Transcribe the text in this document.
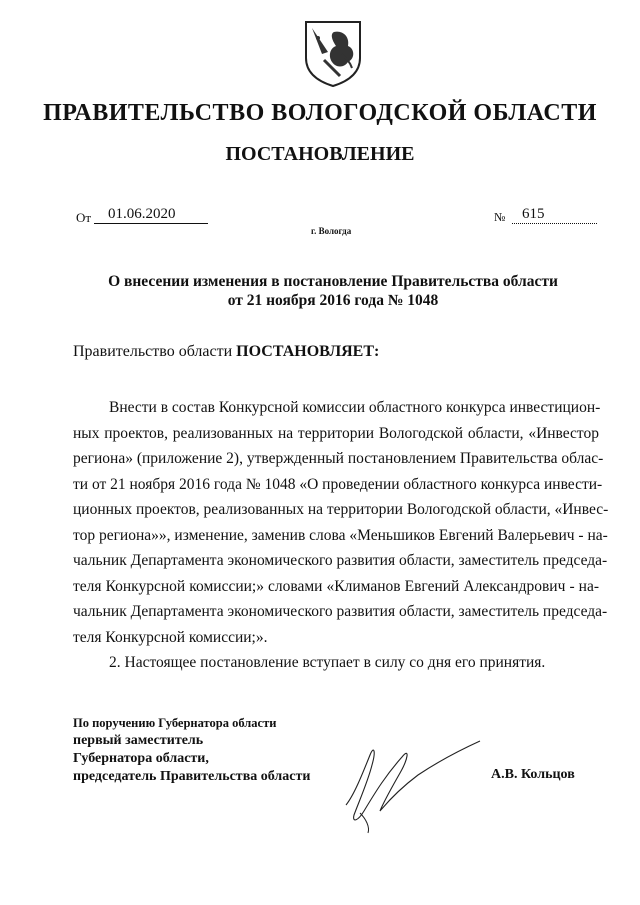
ПРАВИТЕЛЬСТВО ВОЛОГОДСКОЙ ОБЛАСТИ
ПОСТАНОВЛЕНИЕ
От	01.06.2020
г. Вологда
№	615
О внесении изменения в постановление Правительства области
от 21 ноября 2016 года № 1048
Правительство области ПОСТАНОВЛЯЕТ:
Внести в состав Конкурсной комиссии областного конкурса инвестицион-
ных проектов, реализованных на территории Вологодской области, «Инвестор
региона» (приложение 2), утвержденный постановлением Правительства облас-
ти от 21 ноября 2016 года № 1048 «О проведении областного конкурса инвести-
ционных проектов, реализованных на территории Вологодской области, «Инвес-
тор региона»», изменение, заменив слова «Меньшиков Евгений Валерьевич - на-
чальник Департамента экономического развития области, заместитель председа-
теля Конкурсной комиссии;» словами «Климанов Евгений Александрович - на-
чальник Департамента экономического развития области, заместитель председа-
теля Конкурсной комиссии;».
2. Настоящее постановление вступает в силу со дня его принятия.
По поручению Губернатора области
первый заместитель
Губернатора области,
председатель Правительства области	А.В. Кольцов
